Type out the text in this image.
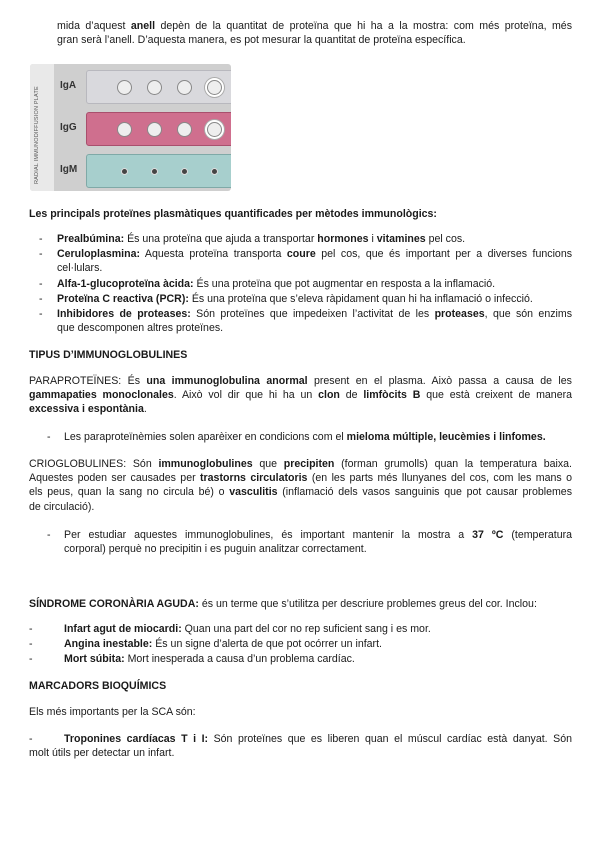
mida d’aquest anell depèn de la quantitat de proteïna que hi ha a la mostra: com més proteïna, més

gran serà l’anell. D’aquesta manera, es pot mesurar la quantitat de proteïna específica.

RADIAL IMMUNODIFFUSION PLATE
IgA
IgG
IgM

Les principals proteïnes plasmàtiques quantificades per mètodes immunològics:

- Prealbúmina: És una proteïna que ajuda a transportar hormones i vitamines pel cos.

- Ceruloplasmina: Aquesta proteïna transporta coure pel cos, que és important per a diverses funcions

cel·lulars.

- Alfa-1-glucoproteïna àcida: És una proteïna que pot augmentar en resposta a la inflamació.

- Proteïna C reactiva (PCR): És una proteïna que s’eleva ràpidament quan hi ha inflamació o infecció.

- Inhibidores de proteases: Són proteïnes que impedeixen l’activitat de les proteases, que són enzims

que descomponen altres proteïnes.

TIPUS D’IMMUNOGLOBULINES

PARAPROTEÏNES: És una immunoglobulina anormal present en el plasma. Això passa a causa de les

gammapaties monoclonales. Això vol dir que hi ha un clon de limfòcits B que està creixent de manera

excessiva i espontània.

- Les paraproteïnèmies solen aparèixer en condicions com el mieloma múltiple, leucèmies i linfomes.

CRIOGLOBULINES: Són immunoglobulines que precipiten (forman grumolls) quan la temperatura baixa.

Aquestes poden ser causades per trastorns circulatoris (en les parts més llunyanes del cos, com les mans o

els peus, quan la sang no circula bé) o vasculitis (inflamació dels vasos sanguinis que pot causar problemes

de circulació).

- Per estudiar aquestes immunoglobulines, és important mantenir la mostra a 37 ºC (temperatura

corporal) perquè no precipitin i es puguin analitzar correctament.

SÍNDROME CORONÀRIA AGUDA: és un terme que s’utilitza per descriure problemes greus del cor. Inclou:

-	Infart agut de miocardi: Quan una part del cor no rep suficient sang i es mor.

-	Angina inestable: És un signe d’alerta de que pot ocórrer un infart.

-	Mort súbita: Mort inesperada a causa d’un problema cardíac.

MARCADORS BIOQUÍMICS

Els més importants per la SCA són:

-	Troponines cardíacas T i I: Són proteïnes que es liberen quan el múscul cardíac està danyat. Són

molt útils per detectar un infart.
